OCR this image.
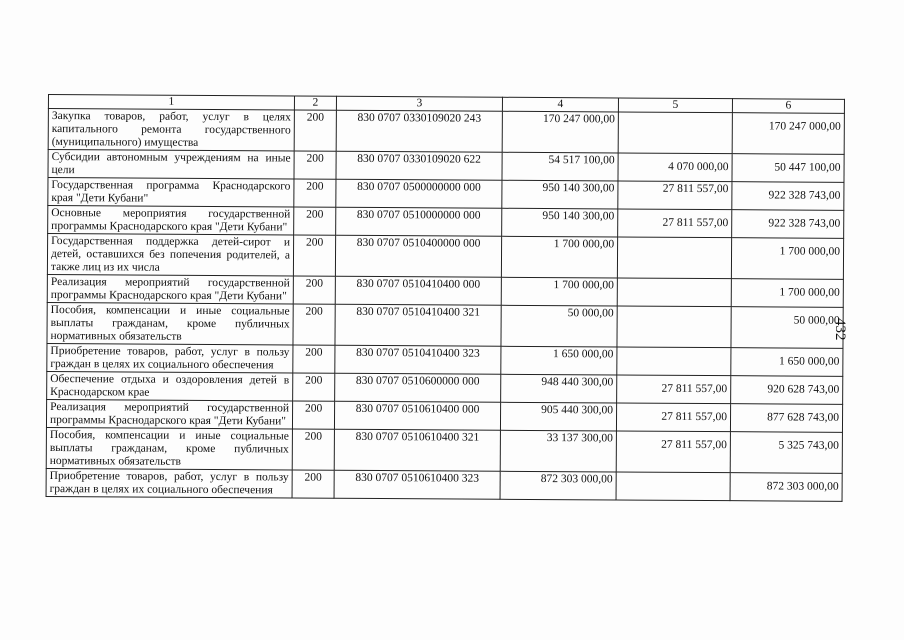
1	2	3	4	5	6
Закупка товаров, работ, услуг в целях капитального ремонта государственного (муниципального) имущества	200	830 0707 0330109020 243	170 247 000,00		170 247 000,00
Субсидии автономным учреждениям на иные цели	200	830 0707 0330109020 622	54 517 100,00	4 070 000,00	50 447 100,00
Государственная программа Краснодарского края "Дети Кубани"	200	830 0707 0500000000 000	950 140 300,00	27 811 557,00	922 328 743,00
Основные мероприятия государственной программы Краснодарского края "Дети Кубани"	200	830 0707 0510000000 000	950 140 300,00	27 811 557,00	922 328 743,00
Государственная поддержка детей-сирот и детей, оставшихся без попечения родителей, а также лиц из их числа	200	830 0707 0510400000 000	1 700 000,00		1 700 000,00
Реализация мероприятий государственной программы Краснодарского края "Дети Кубани"	200	830 0707 0510410400 000	1 700 000,00		1 700 000,00
Пособия, компенсации и иные социальные выплаты гражданам, кроме публичных нормативных обязательств	200	830 0707 0510410400 321	50 000,00		50 000,00
Приобретение товаров, работ, услуг в пользу граждан в целях их социального обеспечения	200	830 0707 0510410400 323	1 650 000,00		1 650 000,00
Обеспечение отдыха и оздоровления детей в Краснодарском крае	200	830 0707 0510600000 000	948 440 300,00	27 811 557,00	920 628 743,00
Реализация мероприятий государственной программы Краснодарского края "Дети Кубани"	200	830 0707 0510610400 000	905 440 300,00	27 811 557,00	877 628 743,00
Пособия, компенсации и иные социальные выплаты гражданам, кроме публичных нормативных обязательств	200	830 0707 0510610400 321	33 137 300,00	27 811 557,00	5 325 743,00
Приобретение товаров, работ, услуг в пользу граждан в целях их социального обеспечения	200	830 0707 0510610400 323	872 303 000,00		872 303 000,00
432
